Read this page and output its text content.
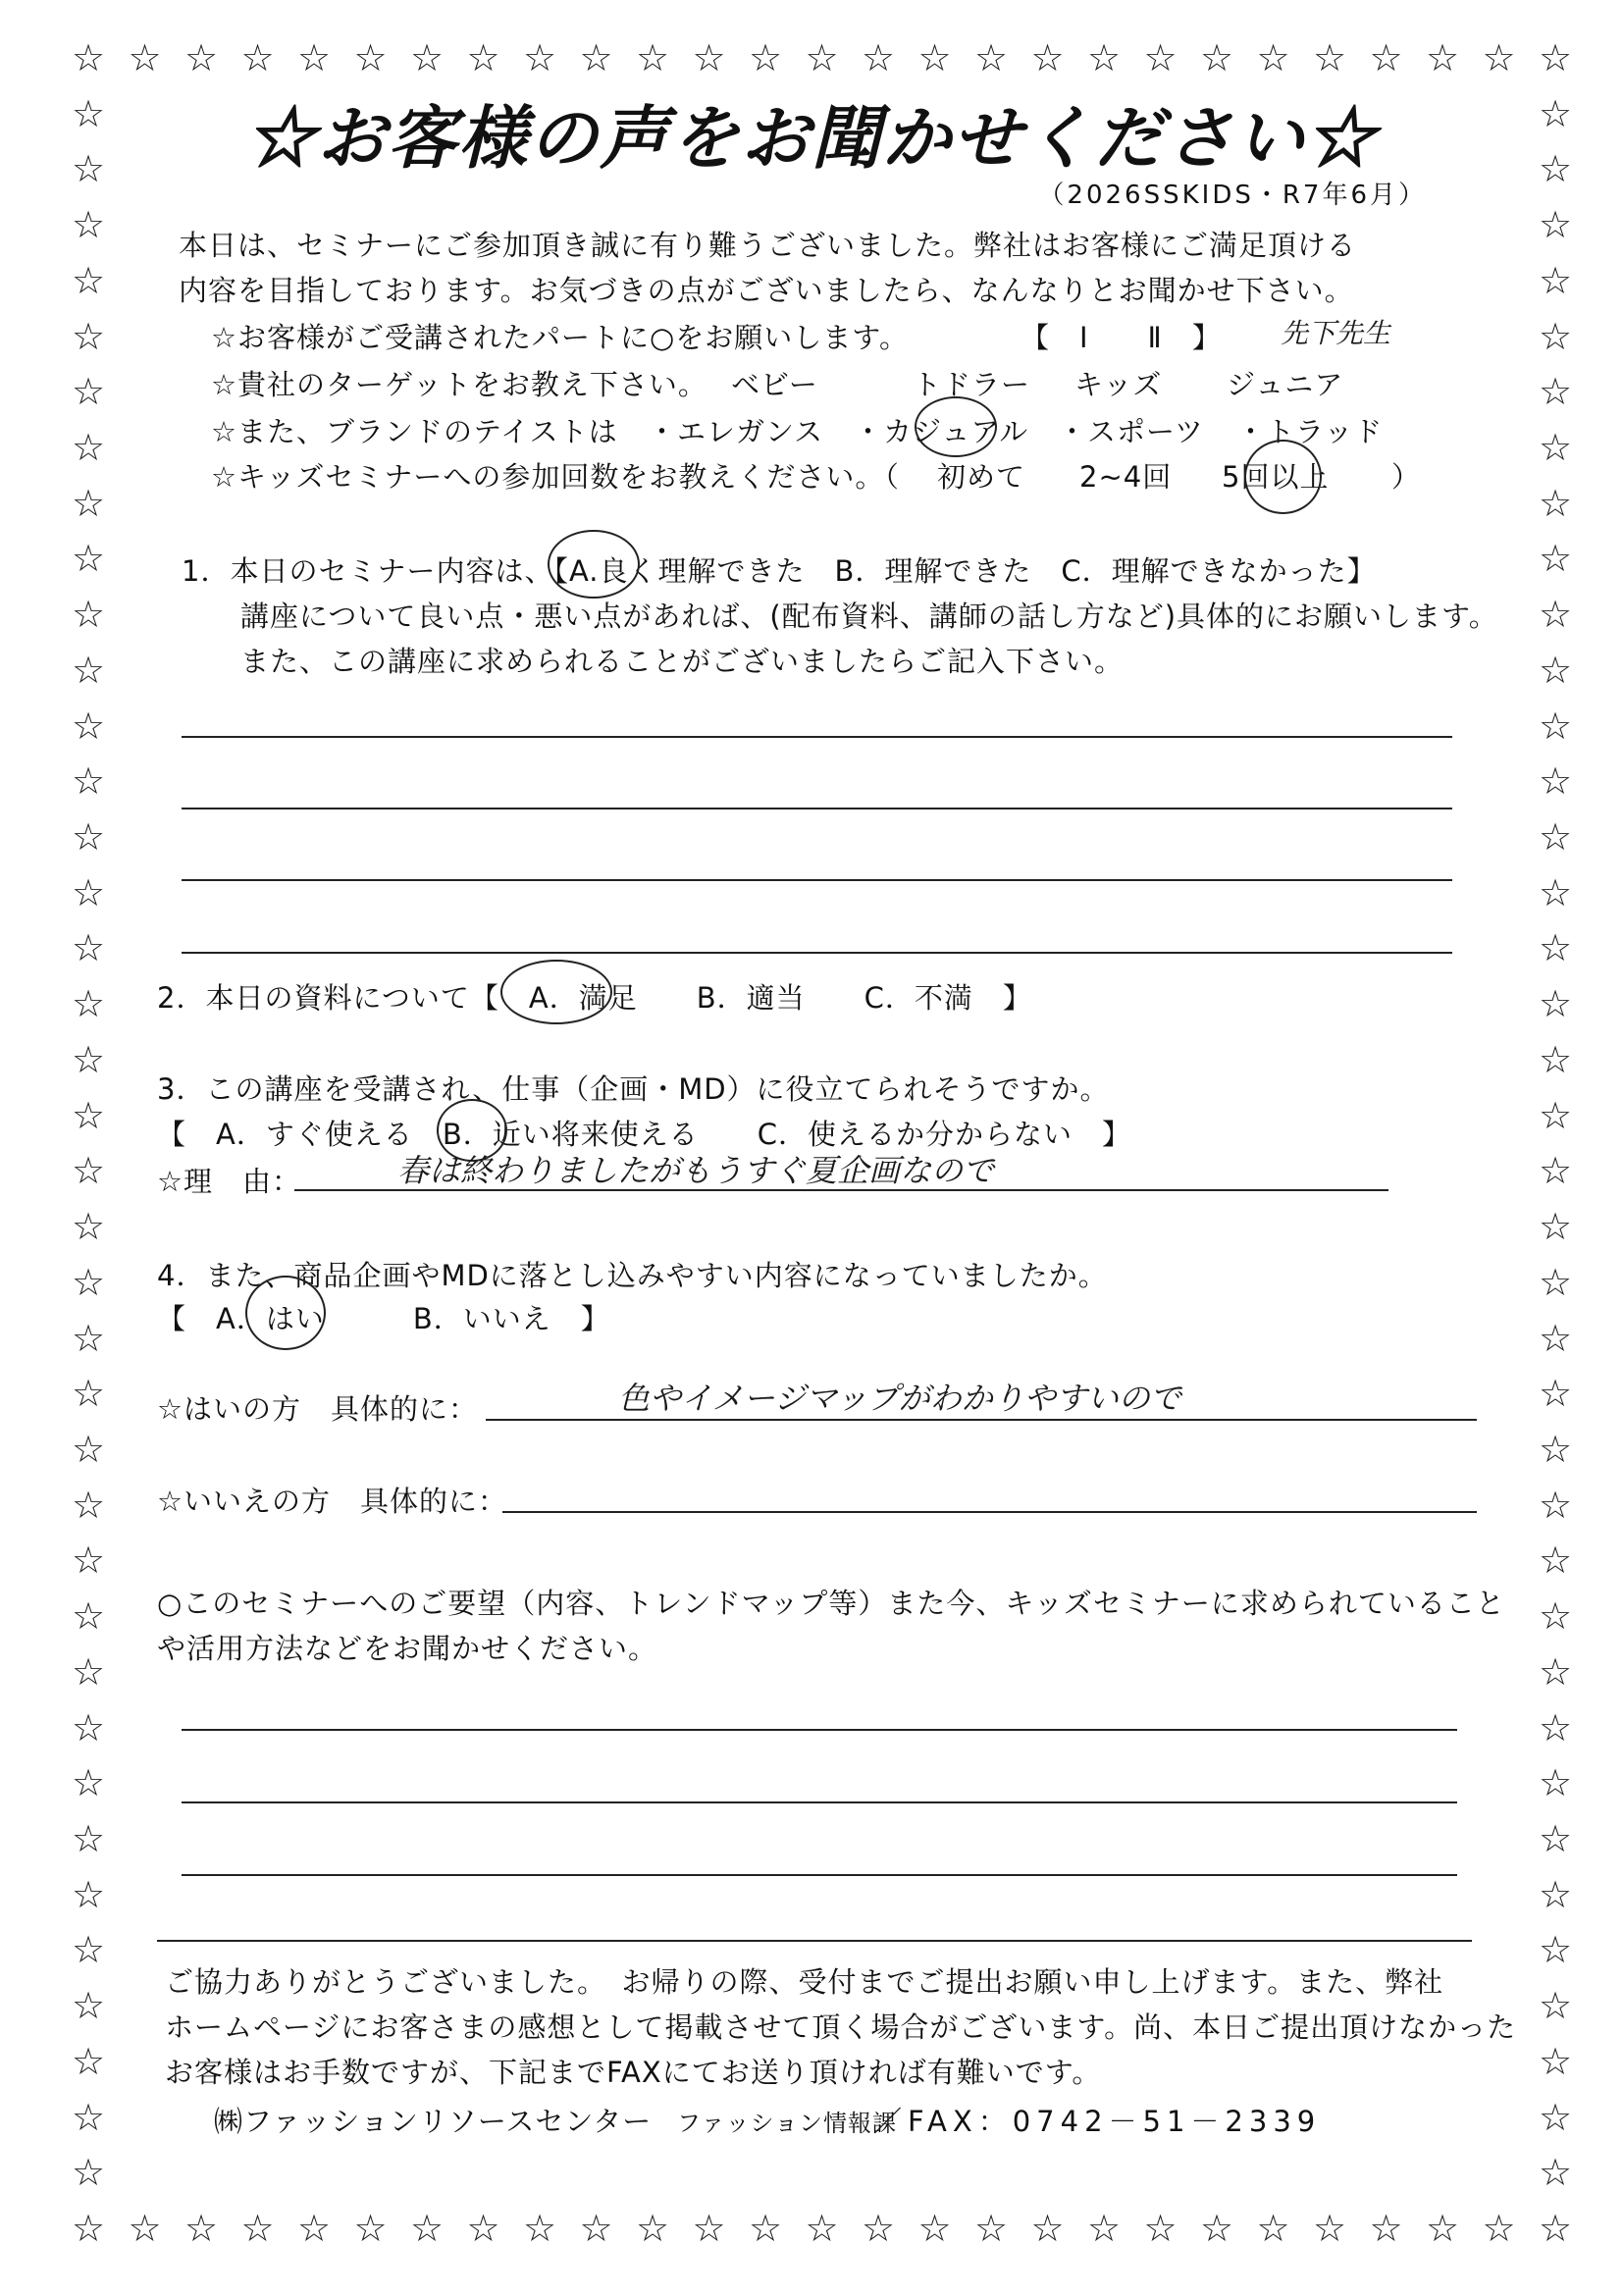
☆
☆
☆
☆
☆
☆
☆
☆
☆
☆
☆
☆
☆
☆
☆
☆
☆
☆
☆
☆
☆
☆
☆
☆
☆
☆
☆
☆
☆
☆
☆
☆
☆
☆
☆
☆
☆
☆
☆
☆
☆
☆
☆
☆
☆
☆
☆
☆
☆
☆
☆
☆
☆
☆
☆	☆
☆	☆
☆	☆
☆	☆
☆	☆
☆	☆
☆	☆
☆	☆
☆	☆
☆	☆
☆	☆
☆	☆
☆	☆
☆	☆
☆	☆
☆	☆
☆	☆
☆	☆
☆	☆
☆	☆
☆	☆
☆	☆
☆	☆
☆	☆
☆	☆
☆	☆
☆	☆
☆	☆
☆	☆
☆	☆
☆	☆
☆	☆
☆	☆
☆	☆
☆	☆
☆	☆
☆	☆
☆	☆
☆お客様の声をお聞かせください☆
（2026SSKIDS・R7年6月）
本日は、セミナーにご参加頂き誠に有り難うございました。弊社はお客様にご満足頂ける
内容を目指しております。お気づきの点がございましたら、なんなりとお聞かせ下さい。
☆お客様がご受講されたパートに○をお願いします。	【　Ⅰ　　Ⅱ　】 先下先生
☆貴社のターゲットをお教え下さい。 ベビー	トドラー キッズ ジュニア
☆また、ブランドのテイストは ・エレガンス ・カジュアル ・スポーツ ・トラッド
☆キッズセミナーへの参加回数をお教えください。（ 初めて 2~4回 5回以上 ）
1．本日のセミナー内容は、【A.良く理解できた　B．理解できた　C．理解できなかった】
講座について良い点・悪い点があれば、(配布資料、講師の話し方など)具体的にお願いします。
また、この講座に求められることがございましたらご記入下さい。
2．本日の資料について【　A．満足　　B．適当　　C．不満　】
3．この講座を受講され、仕事（企画・MD）に役立てられそうですか。
【　A．すぐ使える　B．近い将来使える　　C．使えるか分からない　】
☆理　由：	春は終わりましたがもうすぐ夏企画なので
4．また、商品企画やMDに落とし込みやすい内容になっていましたか。
【　A．はい　　　B．いいえ　】
☆はいの方　具体的に：	色やイメージマップがわかりやすいので
☆いいえの方　具体的に：
○このセミナーへのご要望（内容、トレンドマップ等）また今、キッズセミナーに求められていること
や活用方法などをお聞かせください。
ご協力ありがとうございました。　お帰りの際、受付までご提出お願い申し上げます。また、弊社
ホームページにお客さまの感想として掲載させて頂く場合がございます。尚、本日ご提出頂けなかった
お客様はお手数ですが、下記までFAXにてお送り頂ければ有難いです。
㈱ファッションリソースセンター ファッション情報課
／FAX：0742－51－2339
